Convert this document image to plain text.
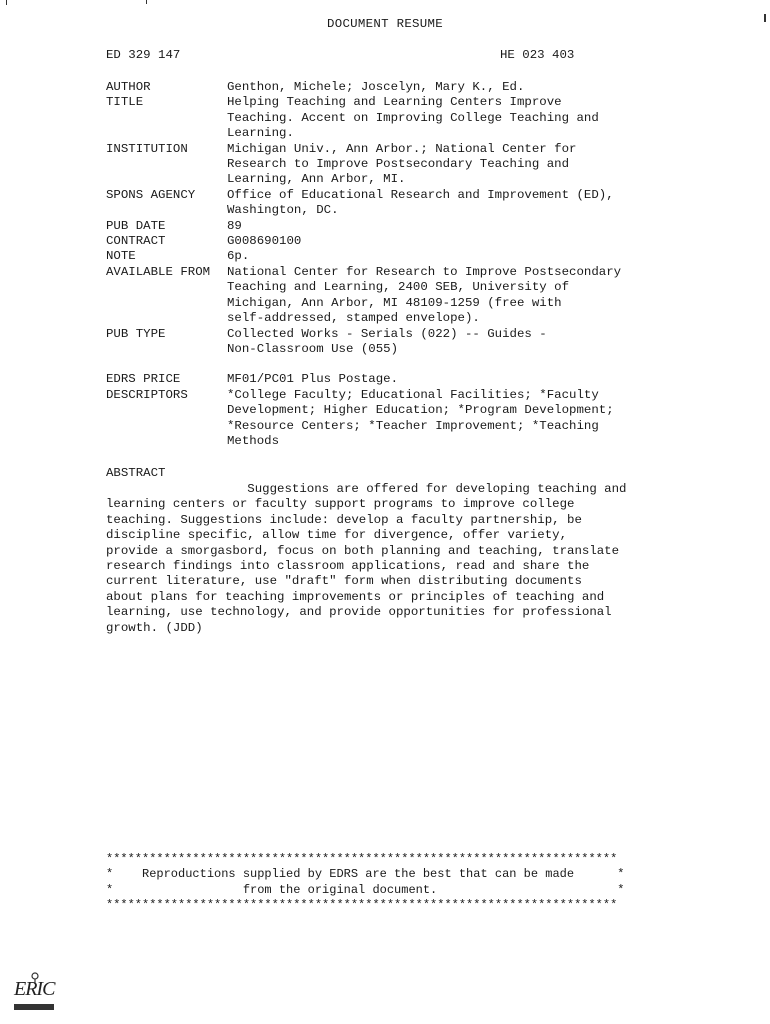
DOCUMENT RESUME
ED 329 147	HE 023 403
AUTHOR	Genthon, Michele; Joscelyn, Mary K., Ed.
TITLE	Helping Teaching and Learning Centers Improve
Teaching. Accent on Improving College Teaching and
Learning.
INSTITUTION	Michigan Univ., Ann Arbor.; National Center for
Research to Improve Postsecondary Teaching and
Learning, Ann Arbor, MI.
SPONS AGENCY	Office of Educational Research and Improvement (ED),
Washington, DC.
PUB DATE	89
CONTRACT	G008690100
NOTE	6p.
AVAILABLE FROM	National Center for Research to Improve Postsecondary
Teaching and Learning, 2400 SEB, University of
Michigan, Ann Arbor, MI 48109-1259 (free with
self-addressed, stamped envelope).
PUB TYPE	Collected Works - Serials (022) -- Guides -
Non-Classroom Use (055)
EDRS PRICE	MF01/PC01 Plus Postage.
DESCRIPTORS	*College Faculty; Educational Facilities; *Faculty
Development; Higher Education; *Program Development;
*Resource Centers; *Teacher Improvement; *Teaching
Methods
ABSTRACT
Suggestions are offered for developing teaching and
learning centers or faculty support programs to improve college
teaching. Suggestions include: develop a faculty partnership, be
discipline specific, allow time for divergence, offer variety,
provide a smorgasbord, focus on both planning and teaching, translate
research findings into classroom applications, read and share the
current literature, use "draft" form when distributing documents
about plans for teaching improvements or principles of teaching and
learning, use technology, and provide opportunities for professional
growth. (JDD)
***********************************************************************
*    Reproductions supplied by EDRS are the best that can be made      *
*                  from the original document.                         *
***********************************************************************
ERIC
